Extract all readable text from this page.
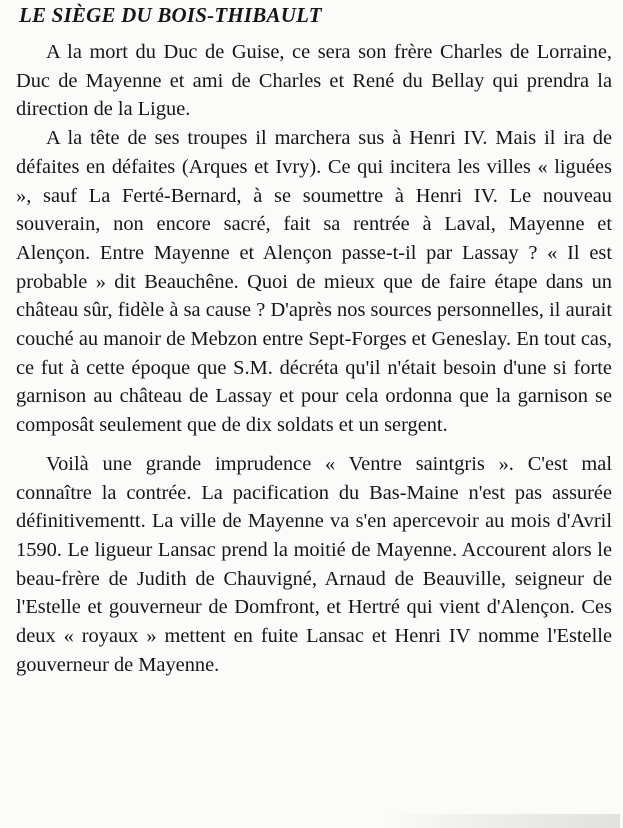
LE SIÈGE DU BOIS-THIBAULT

A la mort du Duc de Guise, ce sera son frère Charles de Lorraine, Duc de Mayenne et ami de Charles et René du Bellay qui prendra la direction de la Ligue.

A la tête de ses troupes il marchera sus à Henri IV. Mais il ira de défaites en défaites (Arques et Ivry). Ce qui incitera les villes « liguées », sauf La Ferté-Bernard, à se soumettre à Henri IV. Le nouveau souverain, non encore sacré, fait sa rentrée à Laval, Mayenne et Alençon. Entre Mayenne et Alençon passe-t-il par Lassay ? « Il est probable » dit Beauchêne. Quoi de mieux que de faire étape dans un château sûr, fidèle à sa cause ? D'après nos sources personnelles, il aurait couché au manoir de Mebzon entre Sept-Forges et Geneslay. En tout cas, ce fut à cette époque que S.M. décréta qu'il n'était besoin d'une si forte garnison au château de Lassay et pour cela ordonna que la garnison se composât seulement que de dix soldats et un sergent.

Voilà une grande imprudence « Ventre saintgris ». C'est mal connaître la contrée. La pacification du Bas-Maine n'est pas assurée définitivementt. La ville de Mayenne va s'en apercevoir au mois d'Avril 1590. Le ligueur Lansac prend la moitié de Mayenne. Accourent alors le beau-frère de Judith de Chauvigné, Arnaud de Beauville, seigneur de l'Estelle et gouverneur de Domfront, et Hertré qui vient d'Alençon. Ces deux « royaux » mettent en fuite Lansac et Henri IV nomme l'Estelle gouverneur de Mayenne.
